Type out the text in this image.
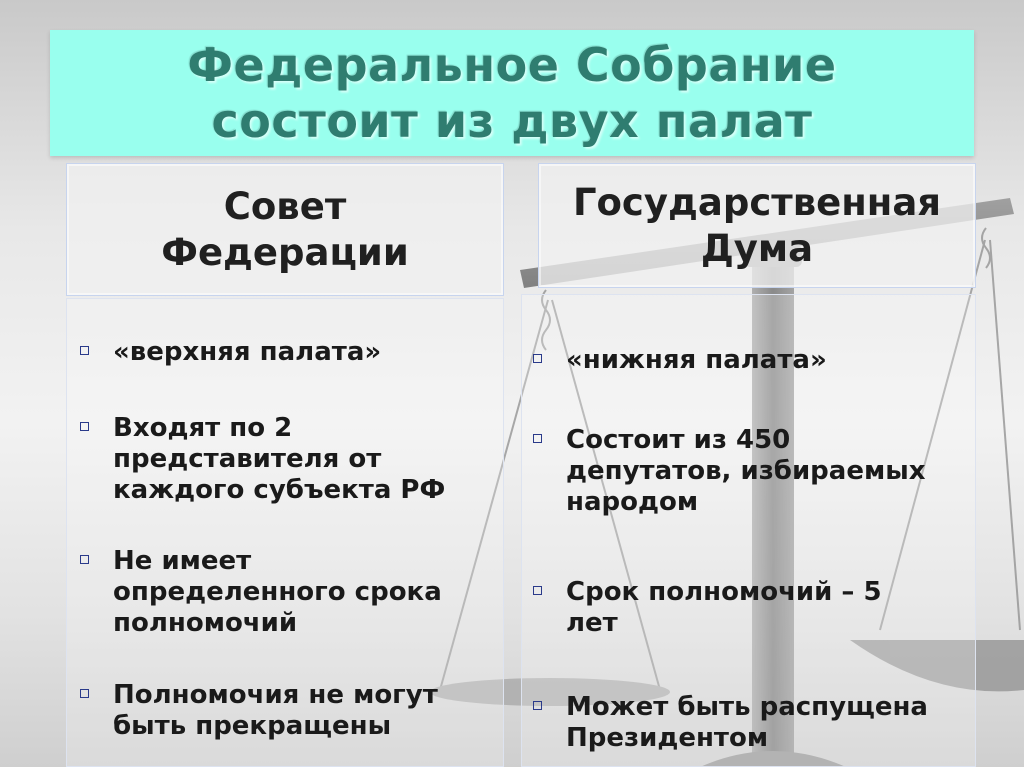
Федеральное Собрание
состоит из двух палат
Совет
Федерации
Государственная
Дума
«верхняя палата»
Входят по 2
представителя от
каждого субъекта РФ
Не имеет
определенного срока
полномочий
Полномочия не могут
быть прекращены
«нижняя палата»
Состоит из 450
депутатов, избираемых
народом
Срок полномочий – 5
лет
Может быть распущена
Президентом
